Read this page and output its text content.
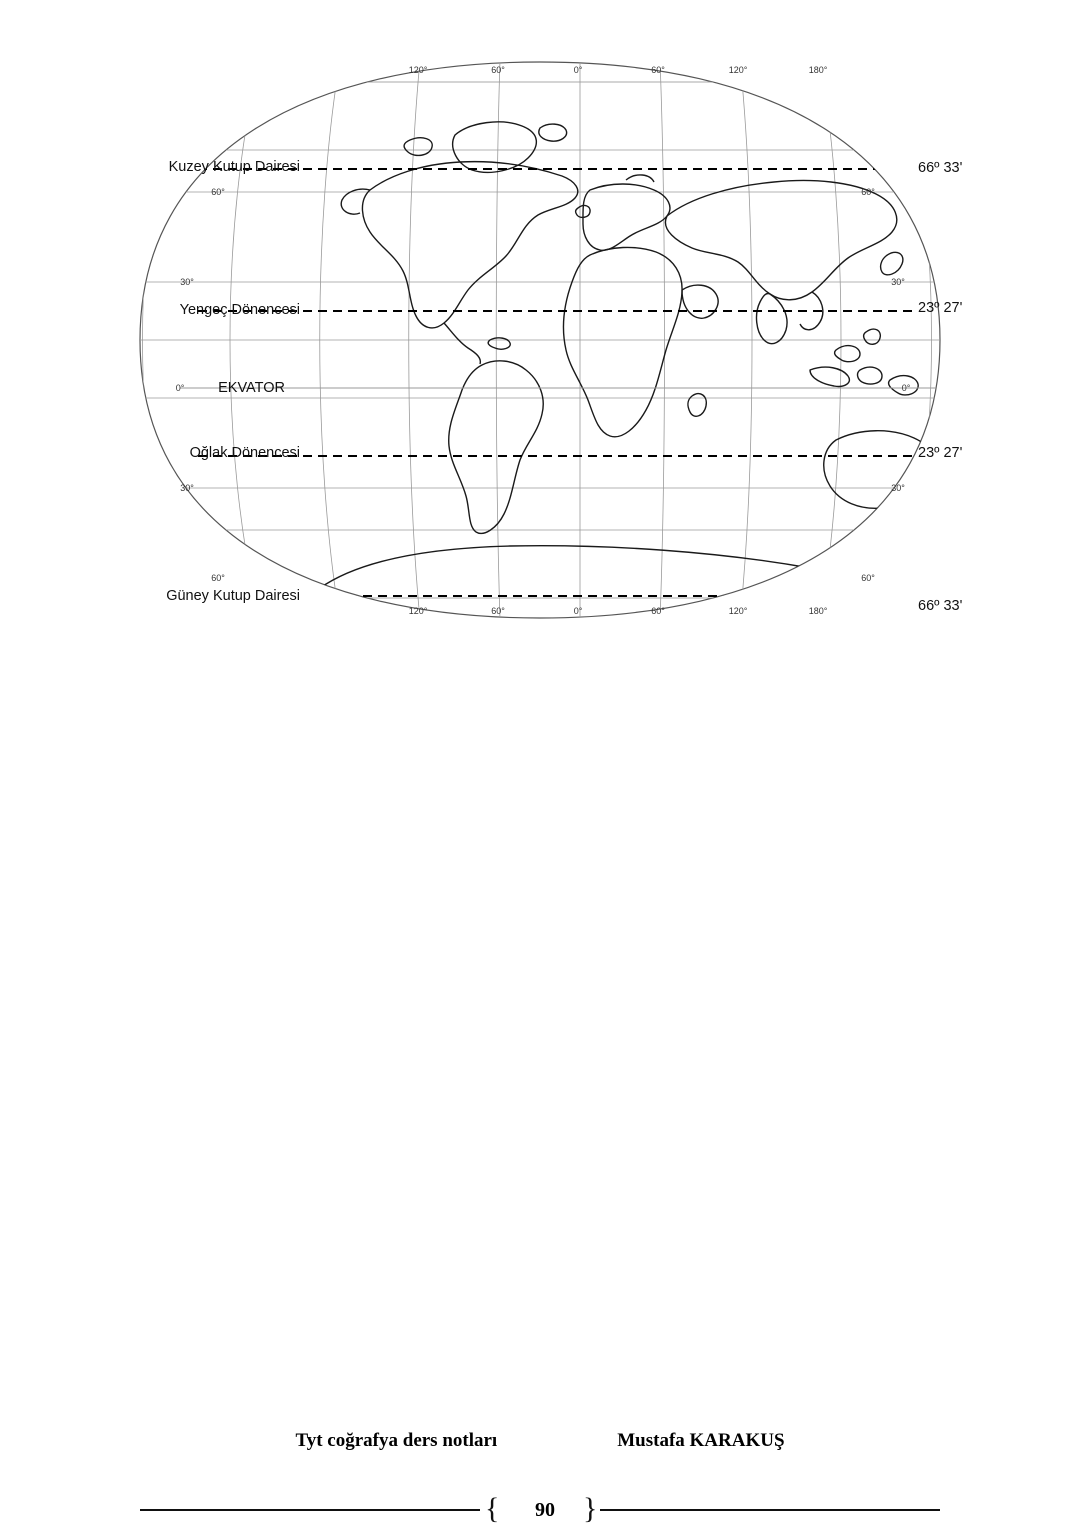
120°	60°	0°	60°	120°	180°
120°	60°	0°	60°	120°	180°
60°
30°
0°
30°
60°
60°
30°
0°
30°
60°
Kuzey Kutup Dairesi
Yengeç Dönencesi
EKVATOR
Oğlak Dönencesi
Güney Kutup Dairesi
66º 33'
23º 27'
23º 27'
66º 33'
Tyt coğrafya ders notları	Mustafa KARAKUŞ
{	90 }
